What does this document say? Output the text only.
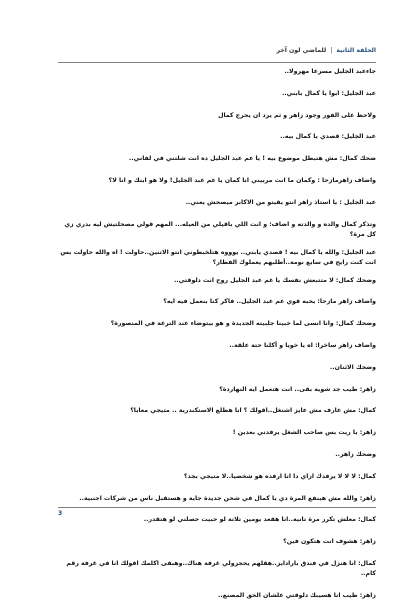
الحلقة الثانية
|
للماضي لون آخر

جاءعبد الجليل مسرعا مهرولا..

عبد الجليل: ابوا يا كمال بابني..

ولاحظ على الفور وجود زاهر و ثم يرد ان يحرج كمال

عبد الجليل: قصدي يا كمال بيه..

ضحك كمال: مش هتبطل موضوع بيه ! يا عم عبد الجليل ده انت شلتني في لفاني..

واضاف زاهرمازحا : وكمان ما انت مربيني انا كمان يا عم عبد الجليل! ولا هو ابنك و انا لا؟

عبد الجليل : يا استاذ زاهر انتو يقيتو من الاكابر ميصحش يعني..

وتذكر كمال والده و والدته و اضاف: و انت اللي باقيلي من العيله... المهم قولي مصحلتيش ليه بدري زي كل مرة؟

عبد الجليل: والله يا كمال بيه ! قصدي يابني.. يوووه هتلخبطوني انتو الاتنين..حاولت ! اه والله حاولت بس انت كنت رايح في سابع نومة..أطلبهم يعملوك الفطار؟

وضحك كمال: لا متتبعش نفسك يا عم عبد الجليل روح انت دلوقتي..

واضاف زاهر مازحا: بحبه قوي عم عبد الجليل.. فاكر كنا بنعمل فيه ايه؟

وضحك كمال: وانا انسى لما خبينا جلبيته الجديدة و هو بيتوضاء عند الترعة في المنصورة؟

واضاف زاهر ساخرا: اه يا خويا و أكلنا حتة علقة..

وضحك الاثنان..

زاهر: طيب جد شوية بقى.. انت هتعمل ايه النهاردة؟

كمال: مش عارف مش عايز اشتغل..اقولك ؟ انا هطلع الاستكندرية .. متيجي معايا؟

زاهر: يا ريت بس صاحب الشغل يرفدني بعدين !

وضحك زاهر..

كمال: لا لا لا يرفدك ازاي دا انا ارفده هو شخصيا..لا متيجي بجد؟

زاهر: والله مش هينفع المرة دي يا كمال في شحن جديدة جاية و هستقبل ناس من شركات اجنبية..

كمال: معلش تكرر مرة تانية..انا هقعد يومين تلاتة لو حبيت حصلني لو هتقدر..

زاهر: هشوف انت هتكون فين؟

كمال: انا هنزل في فندق بارادايز..هقلهم يحجزولي غرفة هناك..وهبقى اكلمك اقولك انا في غرفة رقم كام..

زاهر: طيب انا هسيبك دلوقتي علشان الحق المصنع..

3
